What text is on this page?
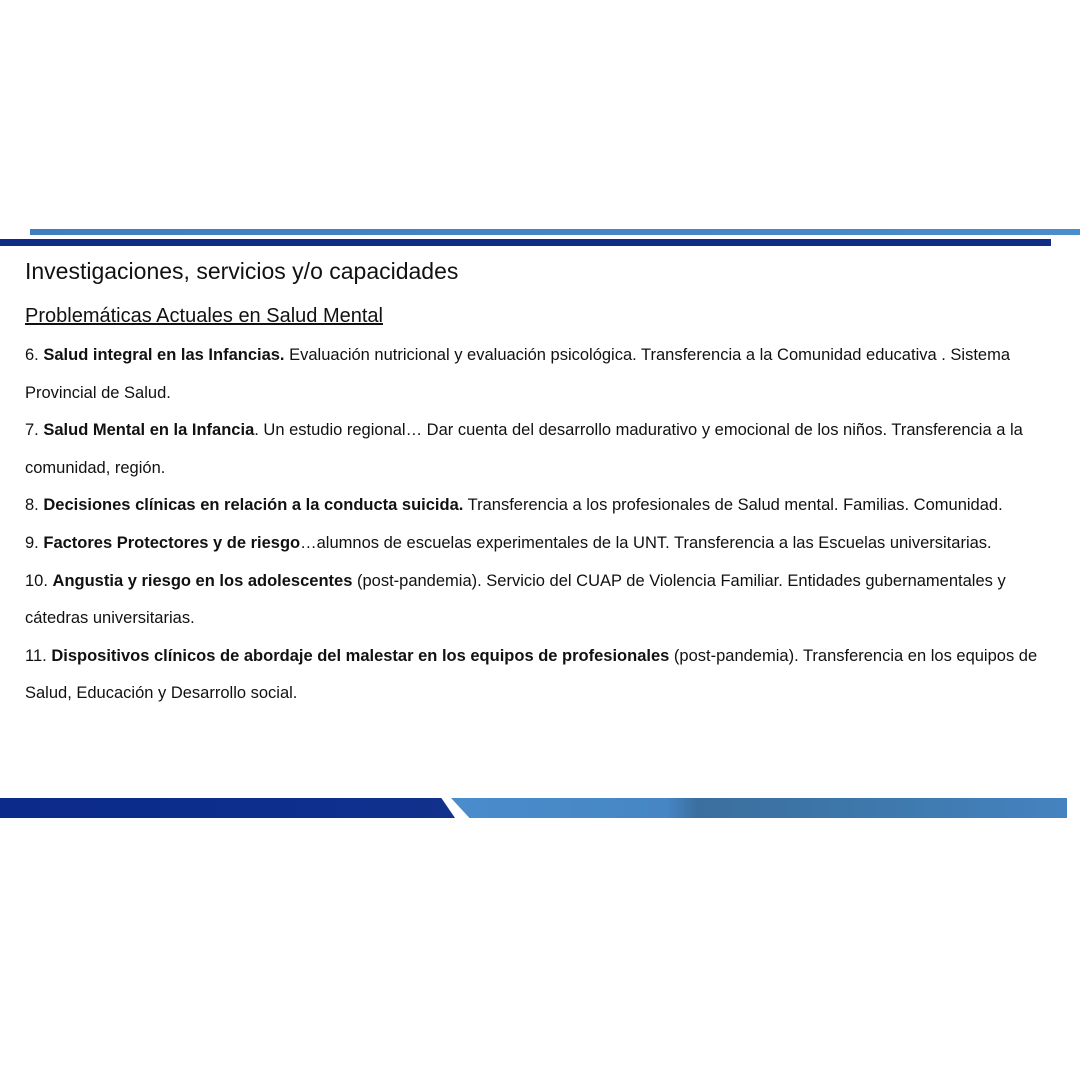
Investigaciones, servicios y/o capacidades
Problemáticas Actuales en Salud Mental
6. Salud integral en las Infancias. Evaluación nutricional y evaluación psicológica. Transferencia a la Comunidad educativa . Sistema Provincial de Salud.
7. Salud Mental en la Infancia. Un estudio regional… Dar cuenta del desarrollo madurativo y emocional de los niños. Transferencia a la comunidad, región.
8. Decisiones clínicas en relación a la conducta suicida. Transferencia a los profesionales de Salud mental. Familias. Comunidad.
9. Factores Protectores y de riesgo…alumnos de escuelas experimentales de la UNT. Transferencia a las Escuelas universitarias.
10. Angustia y riesgo en los adolescentes (post-pandemia). Servicio del CUAP de Violencia Familiar. Entidades gubernamentales y cátedras universitarias.
11. Dispositivos clínicos de abordaje del malestar en los equipos de profesionales (post-pandemia). Transferencia en los equipos de Salud, Educación y Desarrollo social.
